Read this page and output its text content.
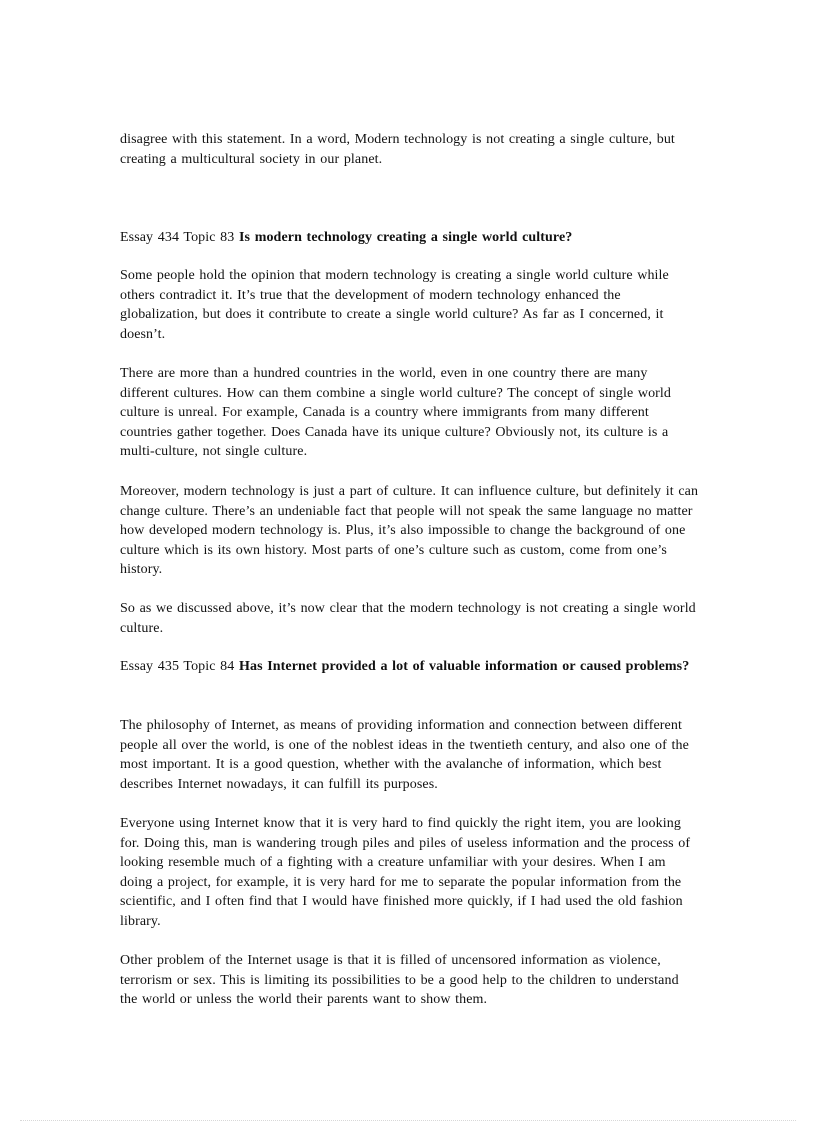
disagree with this statement. In a word, Modern technology is not creating a single culture, but creating a multicultural society in our planet.

Essay 434 Topic 83 Is modern technology creating a single world culture?

Some people hold the opinion that modern technology is creating a single world culture while others contradict it. It’s true that the development of modern technology enhanced the globalization, but does it contribute to create a single world culture? As far as I concerned, it doesn’t.

There are more than a hundred countries in the world, even in one country there are many different cultures. How can them combine a single world culture? The concept of single world culture is unreal. For example, Canada is a country where immigrants from many different countries gather together. Does Canada have its unique culture? Obviously not, its culture is a multi-culture, not single culture.

Moreover, modern technology is just a part of culture. It can influence culture, but definitely it can change culture. There’s an undeniable fact that people will not speak the same language no matter how developed modern technology is. Plus, it’s also impossible to change the background of one culture which is its own history. Most parts of one’s culture such as custom, come from one’s history.

So as we discussed above, it’s now clear that the modern technology is not creating a single world culture.

Essay 435 Topic 84 Has Internet provided a lot of valuable information or caused problems?

The philosophy of Internet, as means of providing information and connection between different people all over the world, is one of the noblest ideas in the twentieth century, and also one of the most important. It is a good question, whether with the avalanche of information, which best describes Internet nowadays, it can fulfill its purposes.

Everyone using Internet know that it is very hard to find quickly the right item, you are looking for. Doing this, man is wandering trough piles and piles of useless information and the process of looking resemble much of a fighting with a creature unfamiliar with your desires. When I am doing a project, for example, it is very hard for me to separate the popular information from the scientific, and I often find that I would have finished more quickly, if I had used the old fashion library.

Other problem of the Internet usage is that it is filled of uncensored information as violence, terrorism or sex. This is limiting its possibilities to be a good help to the children to understand the world or unless the world their parents want to show them.
